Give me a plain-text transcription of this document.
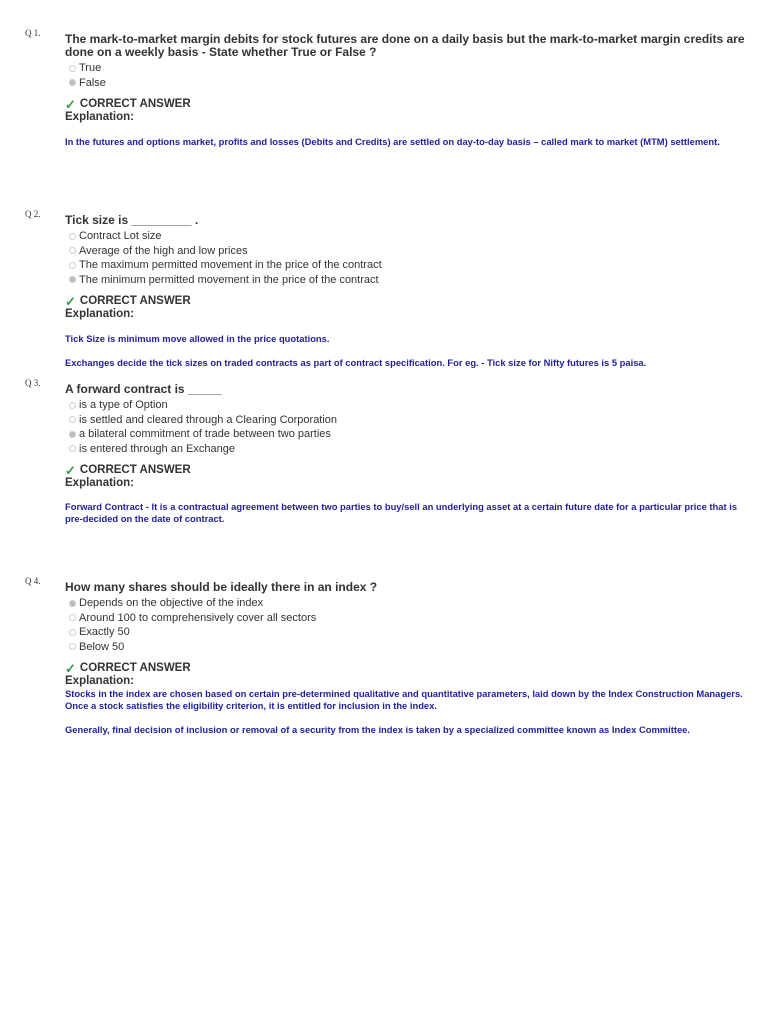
Q 1. The mark-to-market margin debits for stock futures are done on a daily basis but the mark-to-market margin credits are done on a weekly basis - State whether True or False ?

True
False
✓ CORRECT ANSWER
Explanation:

In the futures and options market, profits and losses (Debits and Credits) are settled on day-to-day basis – called mark to market (MTM) settlement.

Q 2. Tick size is _________ .

Contract Lot size
Average of the high and low prices
The maximum permitted movement in the price of the contract
The minimum permitted movement in the price of the contract
✓ CORRECT ANSWER
Explanation:

Tick Size is minimum move allowed in the price quotations.

Exchanges decide the tick sizes on traded contracts as part of contract specification. For eg. - Tick size for Nifty futures is 5 paisa.

Q 3. A forward contract is _____

is a type of Option
is settled and cleared through a Clearing Corporation
a bilateral commitment of trade between two parties
is entered through an Exchange
✓ CORRECT ANSWER
Explanation:

Forward Contract - It is a contractual agreement between two parties to buy/sell an underlying asset at a certain future date for a particular price that is pre-decided on the date of contract.

Q 4. How many shares should be ideally there in an index ?

Depends on the objective of the index
Around 100 to comprehensively cover all sectors
Exactly 50
Below 50
✓ CORRECT ANSWER
Explanation:

Stocks in the index are chosen based on certain pre-determined qualitative and quantitative parameters, laid down by the Index Construction Managers. Once a stock satisfies the eligibility criterion, it is entitled for inclusion in the index.

Generally, final decision of inclusion or removal of a security from the index is taken by a specialized committee known as Index Committee.
